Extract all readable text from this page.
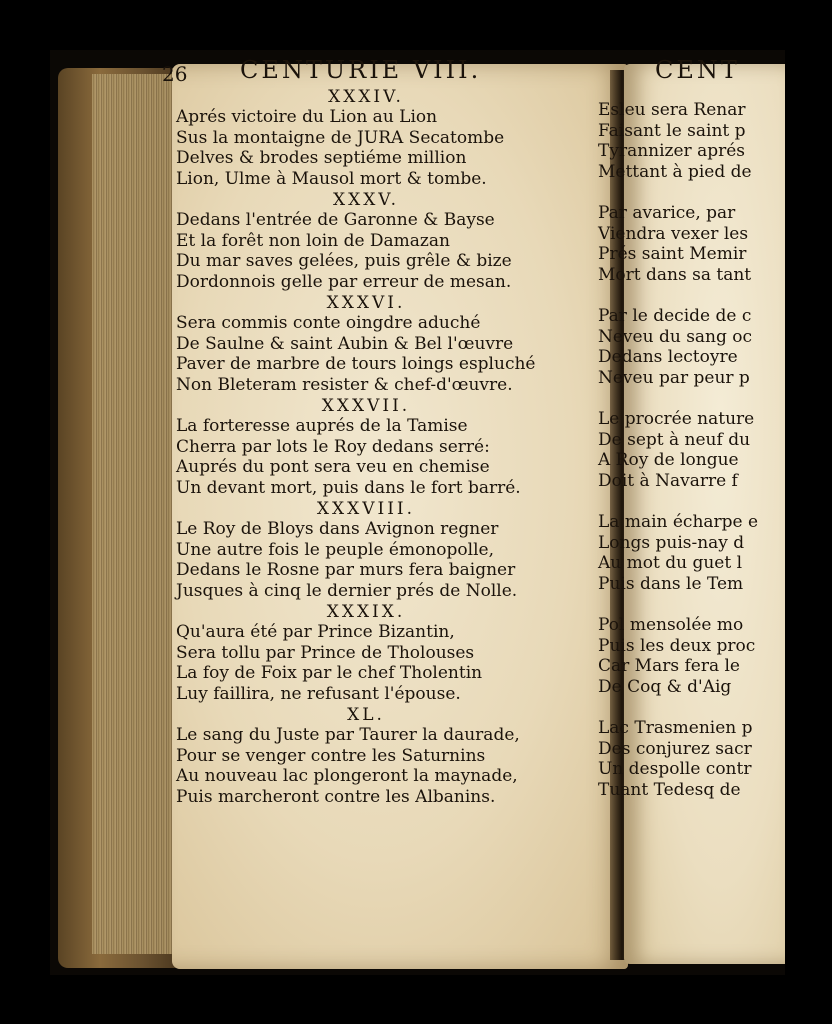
26 CENTURIE VIII.
XXXIV.
Aprés victoire du Lion au Lion
Sus la montaigne de JURA Secatombe
Delves & brodes septiéme million
Lion, Ulme à Mausol mort & tombe.
XXXV.
Dedans l'entrée de Garonne & Bayse
Et la forêt non loin de Damazan
Du mar saves gelées, puis grêle & bize
Dordonnois gelle par erreur de mesan.
XXXVI.
Sera commis conte oingdre aduché
De Saulne & saint Aubin & Bel l'œuvre
Paver de marbre de tours loings espluché
Non Bleteram resister & chef-d'œuvre.
XXXVII.
La forteresse auprés de la Tamise
Cherra par lots le Roy dedans serré:
Auprés du pont sera veu en chemise
Un devant mort, puis dans le fort barré.
XXXVIII.
Le Roy de Bloys dans Avignon regner
Une autre fois le peuple émonopolle,
Dedans le Rosne par murs fera baigner
Jusques à cinq le dernier prés de Nolle.
XXXIX.
Qu'aura été par Prince Bizantin,
Sera tollu par Prince de Tholouses
La foy de Foix par le chef Tholentin
Luy faillira, ne refusant l'épouse.
XL.
Le sang du Juste par Taurer la daurade,
Pour se venger contre les Saturnins
Au nouveau lac plongeront la maynade,
Puis marcheront contre les Albanins.
CENT
Esleu sera Renar
Faisant le saint p
Tyrannizer aprés
Mettant à pied de
Par avarice, par
Viendra vexer les
Prés saint Memir
Mort dans sa tant
Par le decide de c
Neveu du sang oc
Dedans lectoyre
Neveu par peur p
Le procrée nature
De sept à neuf du
A Roy de longue
Doit à Navarre f
La main écharpe e
Longs puis-nay d
Au mot du guet l
Puis dans le Tem
Pol mensolée mo
Puis les deux proc
Car Mars fera le
De Coq & d'Aig
Lac Trasmenien p
Des conjurez sacr
Un despolle contr
Tuant Tedesq de
